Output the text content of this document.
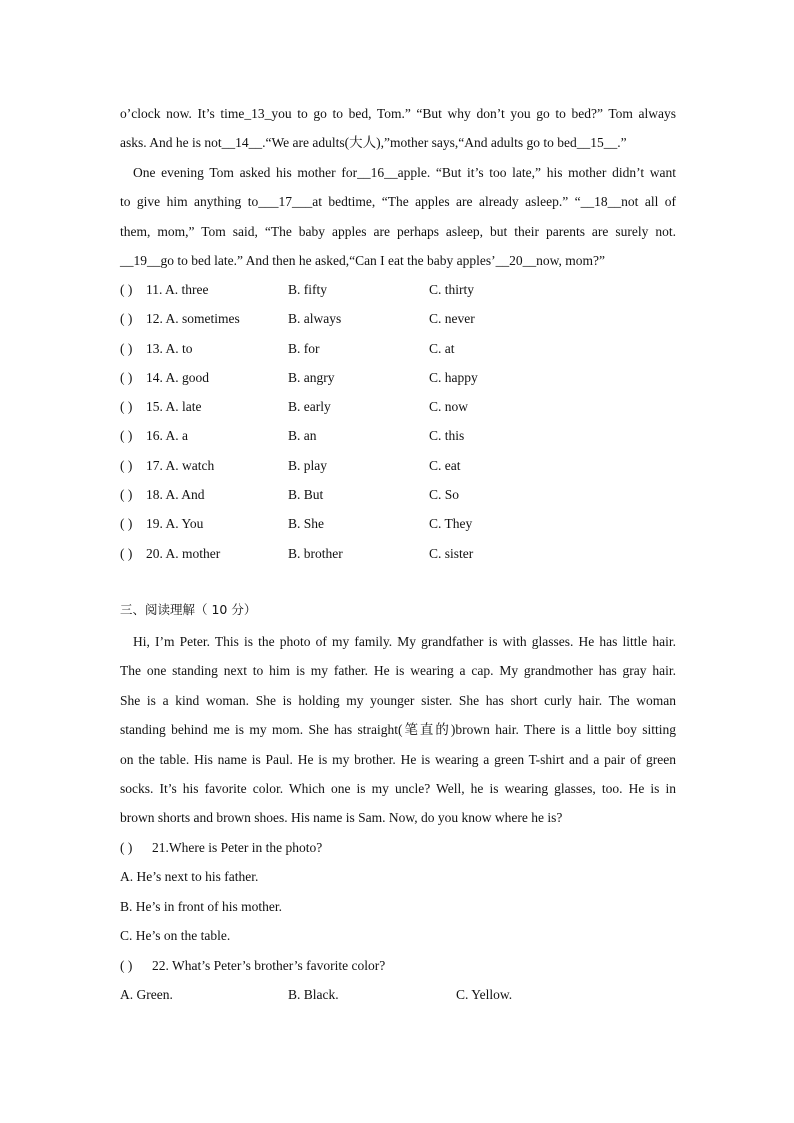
o’clock now. It’s time_13_you to go to bed, Tom.” “But why don’t you go to bed?” Tom always

asks. And he is not__14__.“We are adults(大人),”mother says,“And adults go to bed__15__.”

One evening Tom asked his mother for__16__apple. “But it’s too late,” his mother didn’t want

to give him anything to___17___at bedtime, “The apples are already asleep.” “__18__not all of

them, mom,” Tom said, “The baby apples are perhaps asleep, but their parents are surely not.

__19__go to bed late.” And then he asked,“Can I eat the baby apples’__20__now, mom?”

( ) 11. A. three	B. fifty	C. thirty
( ) 12. A. sometimes	B. always	C. never
( ) 13. A. to	B. for	C. at
( ) 14. A. good	B. angry	C. happy
( ) 15. A. late	B. early	C. now
( ) 16. A. a	B. an	C. this
( ) 17. A. watch	B. play	C. eat
( ) 18. A. And	B. But	C. So
( ) 19. A. You	B. She	C. They
( ) 20. A. mother	B. brother	C. sister
三、阅读理解（ 10 分）

Hi, I’m Peter. This is the photo of my family. My grandfather is with glasses. He has little hair.

The one standing next to him is my father. He is wearing a cap. My grandmother has gray hair.

She is a kind woman. She is holding my younger sister. She has short curly hair. The woman

standing behind me is my mom. She has straight(笔直的)brown hair. There is a little boy sitting

on the table. His name is Paul. He is my brother. He is wearing a green T-shirt and a pair of green

socks. It’s his favorite color. Which one is my uncle? Well, he is wearing glasses, too. He is in

brown shorts and brown shoes. His name is Sam. Now, do you know where he is?

( ) 21.Where is Peter in the photo?
A. He’s next to his father.
B. He’s in front of his mother.
C. He’s on the table.
( ) 22. What’s Peter’s brother’s favorite color?
A. Green.	B. Black.	C. Yellow.
